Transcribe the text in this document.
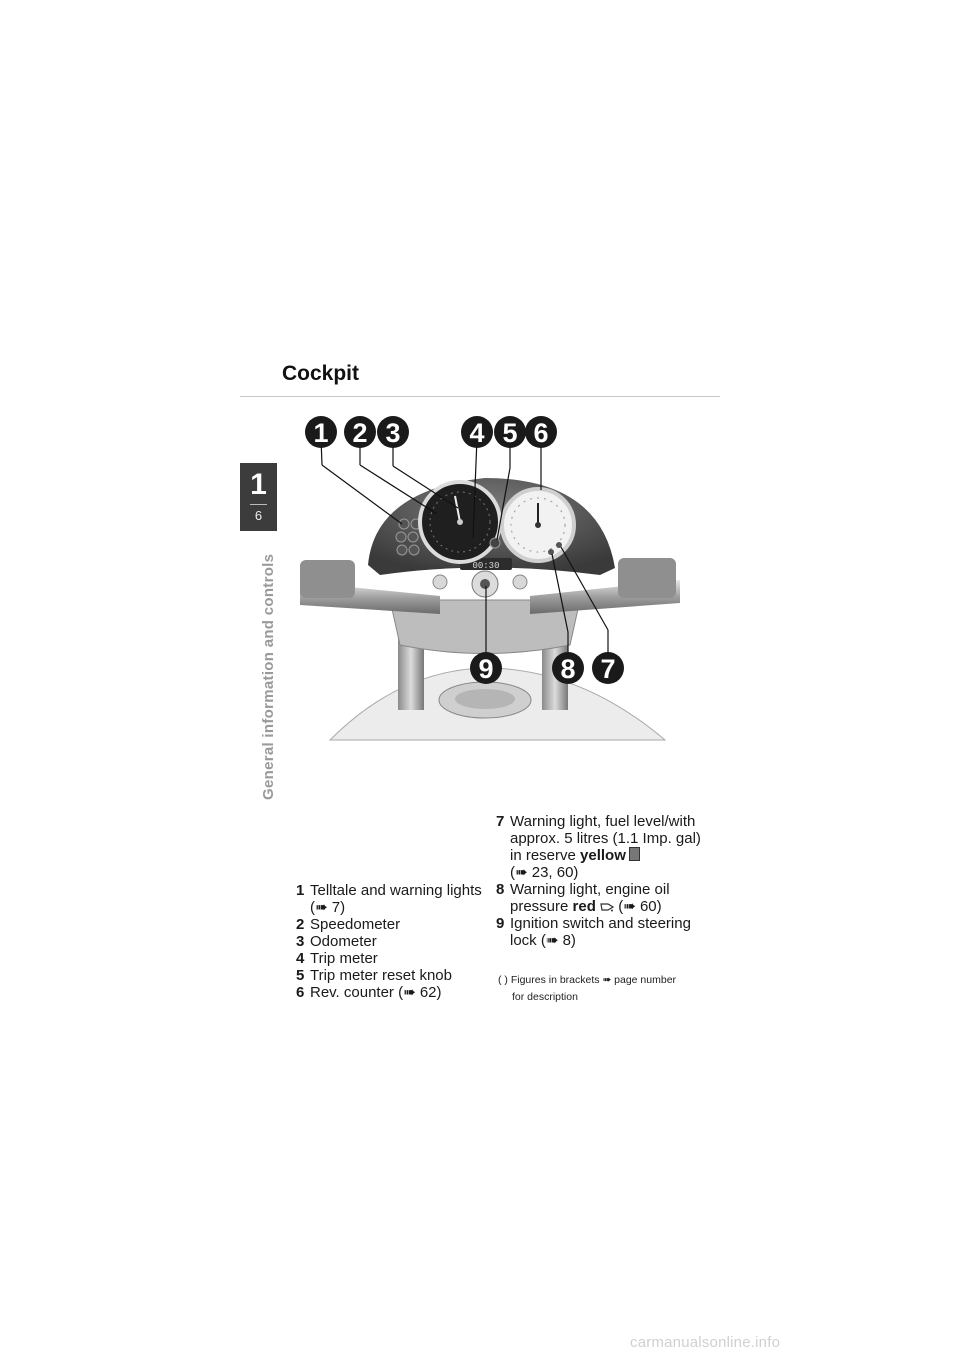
Cockpit
1
6
General information and controls	00:30
1 2 3	4 5 6
7
8
9
1 Telltale and warning lights
(➠ 7)
2 Speedometer
3 Odometer
4 Trip meter
5 Trip meter reset knob
6 Rev. counter (➠ 62)
7 Warning light, fuel level/with
approx. 5 litres (1.1 Imp. gal)
in reserve yellow
(➠ 23, 60)
8 Warning light, engine oil
pressure red  (➠ 60)
9 Ignition switch and steering
lock (➠ 8)
( ) Figures in brackets ➠ page number
for description
carmanualsonline.info
